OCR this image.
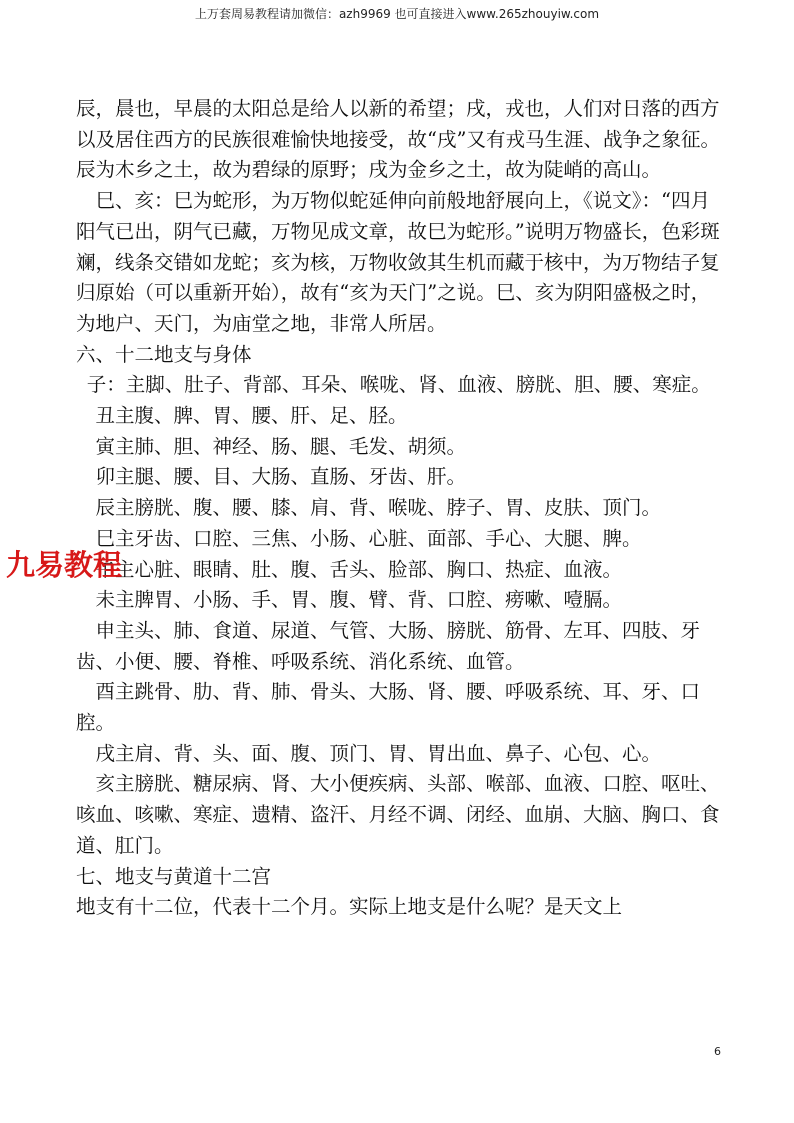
上万套周易教程请加微信：azh9969 也可直接进入www.265zhouyiw.com

辰，晨也，早晨的太阳总是给人以新的希望；戌，戎也，人们对日落的西方以及居住西方的民族很难愉快地接受，故“戌”又有戎马生涯、战争之象征。辰为木乡之土，故为碧绿的原野；戌为金乡之土，故为陡峭的高山。

巳、亥：巳为蛇形，为万物似蛇延伸向前般地舒展向上，《说文》：“四月阳气已出，阴气已藏，万物见成文章，故巳为蛇形。”说明万物盛长，色彩斑斓，线条交错如龙蛇；亥为核，万物收敛其生机而藏于核中，为万物结子复归原始（可以重新开始），故有“亥为天门”之说。巳、亥为阴阳盛极之时，为地户、天门，为庙堂之地，非常人所居。

六、十二地支与身体

子：主脚、肚子、背部、耳朵、喉咙、肾、血液、膀胱、胆、腰、寒症。

丑主腹、脾、胃、腰、肝、足、胫。

寅主肺、胆、神经、肠、腿、毛发、胡须。

卯主腿、腰、目、大肠、直肠、牙齿、肝。

辰主膀胱、腹、腰、膝、肩、背、喉咙、脖子、胃、皮肤、顶门。

巳主牙齿、口腔、三焦、小肠、心脏、面部、手心、大腿、脾。

午主心脏、眼睛、肚、腹、舌头、脸部、胸口、热症、血液。

未主脾胃、小肠、手、胃、腹、臂、背、口腔、痨嗽、噎膈。

申主头、肺、食道、尿道、气管、大肠、膀胱、筋骨、左耳、四肢、牙齿、小便、腰、脊椎、呼吸系统、消化系统、血管。

酉主跳骨、肋、背、肺、骨头、大肠、肾、腰、呼吸系统、耳、牙、口腔。

戌主肩、背、头、面、腹、顶门、胃、胃出血、鼻子、心包、心。

亥主膀胱、糖尿病、肾、大小便疾病、头部、喉部、血液、口腔、呕吐、咳血、咳嗽、寒症、遗精、盗汗、月经不调、闭经、血崩、大脑、胸口、食道、肛门。

七、地支与黄道十二宫

地支有十二位，代表十二个月。实际上地支是什么呢？是天文上

九易教程
6
